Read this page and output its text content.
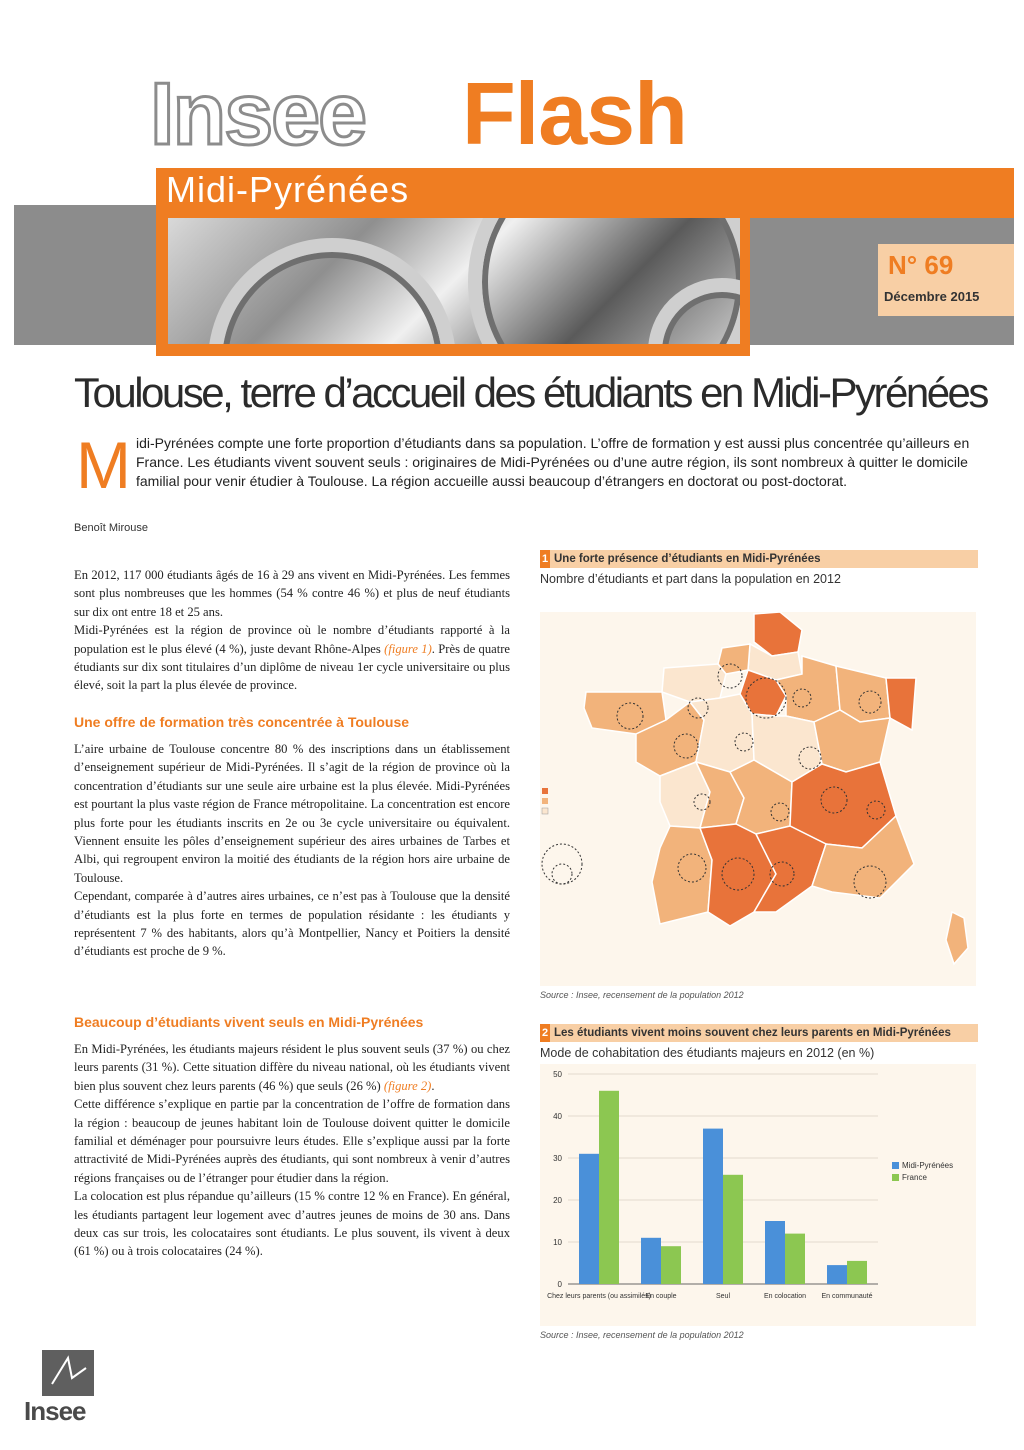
Insee Flash
Midi-Pyrénées
N° 69
Décembre 2015
Toulouse, terre d’accueil des étudiants en Midi-Pyrénées
M idi-Pyrénées compte une forte proportion d’étudiants dans sa population. L’offre de formation y est aussi plus concentrée qu’ailleurs en France. Les étudiants vivent souvent seuls : originaires de Midi-Pyrénées ou d’une autre région, ils sont nombreux à quitter le domicile familial pour venir étudier à Toulouse. La région accueille aussi beaucoup d’étrangers en doctorat ou post-doctorat.
Benoît Mirouse

En 2012, 117 000 étudiants âgés de 16 à 29 ans vivent en Midi-Pyrénées. Les femmes sont plus nombreuses que les hommes (54 % contre 46 %) et plus de neuf étudiants sur dix ont entre 18 et 25 ans.

Midi-Pyrénées est la région de province où le nombre d’étudiants rapporté à la population est le plus élevé (4 %), juste devant Rhône-Alpes (figure 1). Près de quatre étudiants sur dix sont titulaires d’un diplôme de niveau 1er cycle universitaire ou plus élevé, soit la part la plus élevée de province.

Une offre de formation très concentrée à Toulouse

L’aire urbaine de Toulouse concentre 80 % des inscriptions dans un établissement d’enseignement supérieur de Midi-Pyrénées. Il s’agit de la région de province où la concentration d’étudiants sur une seule aire urbaine est la plus élevée. Midi-Pyrénées est pourtant la plus vaste région de France métropolitaine. La concentration est encore plus forte pour les étudiants inscrits en 2e ou 3e cycle universitaire ou équivalent. Viennent ensuite les pôles d’enseignement supérieur des aires urbaines de Tarbes et Albi, qui regroupent environ la moitié des étudiants de la région hors aire urbaine de Toulouse.

Cependant, comparée à d’autres aires urbaines, ce n’est pas à Toulouse que la densité d’étudiants est la plus forte en termes de population résidante : les étudiants y représentent 7 % des habitants, alors qu’à Montpellier, Nancy et Poitiers la densité d’étudiants est proche de 9 %.

Beaucoup d’étudiants vivent seuls en Midi-Pyrénées

En Midi-Pyrénées, les étudiants majeurs résident le plus souvent seuls (37 %) ou chez leurs parents (31 %). Cette situation diffère du niveau national, où les étudiants vivent bien plus souvent chez leurs parents (46 %) que seuls (26 %) (figure 2).

Cette différence s’explique en partie par la concentration de l’offre de formation dans la région : beaucoup de jeunes habitant loin de Toulouse doivent quitter le domicile familial et déménager pour poursuivre leurs études. Elle s’explique aussi par la forte attractivité de Midi-Pyrénées auprès des étudiants, qui sont nombreux à venir d’autres régions françaises ou de l’étranger pour étudier dans la région.

La colocation est plus répandue qu’ailleurs (15 % contre 12 % en France). En général, les étudiants partagent leur logement avec d’autres jeunes de moins de 30 ans. Dans deux cas sur trois, les colocataires sont étudiants. Le plus souvent, ils vivent à deux (61 %) ou à trois colocataires (24 %).

1 Une forte présence d’étudiants en Midi-Pyrénées
Nombre d’étudiants et part dans la population en 2012
Source : Insee, recensement de la population 2012
2 Les étudiants vivent moins souvent chez leurs parents en Midi-Pyrénées
Mode de cohabitation des étudiants majeurs en 2012 (en %)
0
10
20
30
40
50
Chez leurs parents (ou assimilés)
En couple	Seul	En colocation En communauté
Midi-Pyrénées
France
Source : Insee, recensement de la population 2012
Insee
